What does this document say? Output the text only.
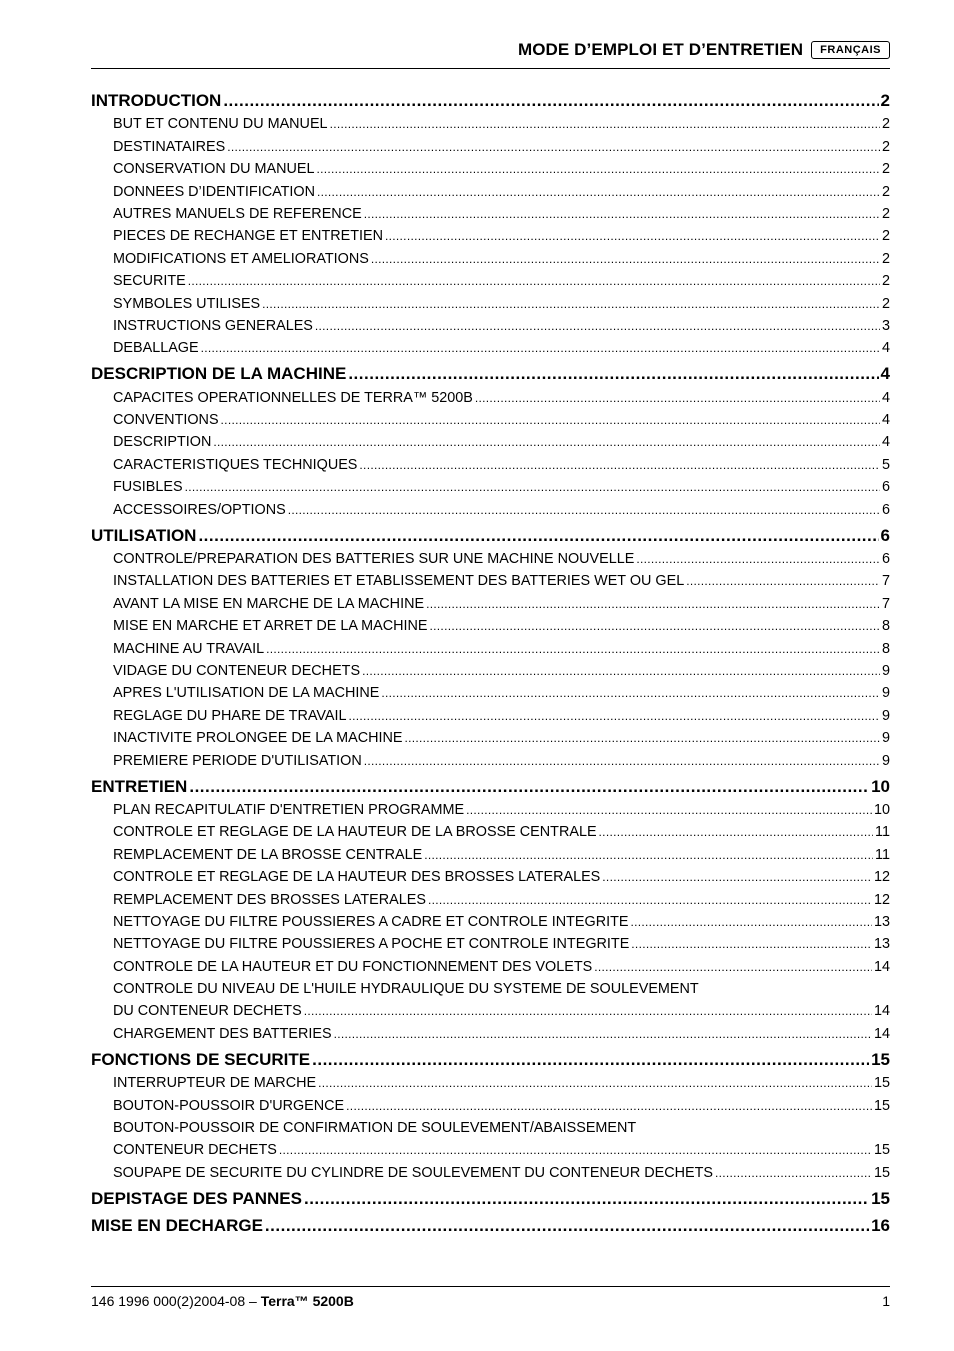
MODE D’EMPLOI ET D’ENTRETIEN	FRANÇAIS
INTRODUCTION .....	2
BUT ET CONTENU DU MANUEL .....	2
DESTINATAIRES .....	2
CONSERVATION DU MANUEL .....	2
DONNEES D’IDENTIFICATION .....	2
AUTRES MANUELS DE REFERENCE .....	2
PIECES DE RECHANGE ET ENTRETIEN .....	2
MODIFICATIONS ET AMELIORATIONS .....	2
SECURITE .....	2
SYMBOLES UTILISES .....	2
INSTRUCTIONS GENERALES .....	3
DEBALLAGE .....	4
DESCRIPTION DE LA MACHINE .....	4
CAPACITES OPERATIONNELLES DE TERRA™ 5200B .....	4
CONVENTIONS .....	4
DESCRIPTION .....	4
CARACTERISTIQUES TECHNIQUES .....	5
FUSIBLES .....	6
ACCESSOIRES/OPTIONS .....	6
UTILISATION .....	6
CONTROLE/PREPARATION DES BATTERIES SUR UNE MACHINE NOUVELLE .....	6
INSTALLATION DES BATTERIES ET ETABLISSEMENT DES BATTERIES WET OU GEL .....	7
AVANT LA MISE EN MARCHE DE LA MACHINE .....	7
MISE EN MARCHE ET ARRET DE LA MACHINE .....	8
MACHINE AU TRAVAIL .....	8
VIDAGE DU CONTENEUR DECHETS .....	9
APRES L'UTILISATION DE LA MACHINE .....	9
REGLAGE DU PHARE DE TRAVAIL .....	9
INACTIVITE PROLONGEE DE LA MACHINE .....	9
PREMIERE PERIODE D'UTILISATION .....	9
ENTRETIEN .....	10
PLAN RECAPITULATIF D'ENTRETIEN PROGRAMME .....	10
CONTROLE ET REGLAGE DE LA HAUTEUR DE LA BROSSE CENTRALE .....	11
REMPLACEMENT DE LA BROSSE CENTRALE .....	11
CONTROLE ET REGLAGE DE LA HAUTEUR DES BROSSES LATERALES .....	12
REMPLACEMENT DES BROSSES LATERALES .....	12
NETTOYAGE DU FILTRE POUSSIERES A CADRE ET CONTROLE INTEGRITE .....	13
NETTOYAGE DU FILTRE POUSSIERES A POCHE ET CONTROLE INTEGRITE .....	13
CONTROLE DE LA HAUTEUR ET DU FONCTIONNEMENT DES VOLETS .....	14
CONTROLE DU NIVEAU DE L'HUILE HYDRAULIQUE DU SYSTEME DE SOULEVEMENT
DU CONTENEUR DECHETS .....	14
CHARGEMENT DES BATTERIES .....	14
FONCTIONS DE SECURITE .....	15
INTERRUPTEUR DE MARCHE .....	15
BOUTON-POUSSOIR D'URGENCE .....	15
BOUTON-POUSSOIR DE CONFIRMATION DE SOULEVEMENT/ABAISSEMENT
CONTENEUR DECHETS .....	15
SOUPAPE DE SECURITE DU CYLINDRE DE SOULEVEMENT DU CONTENEUR DECHETS .....	15
DEPISTAGE DES PANNES .....	15
MISE EN DECHARGE .....	16
146 1996 000(2)2004-08 – Terra™ 5200B	1
